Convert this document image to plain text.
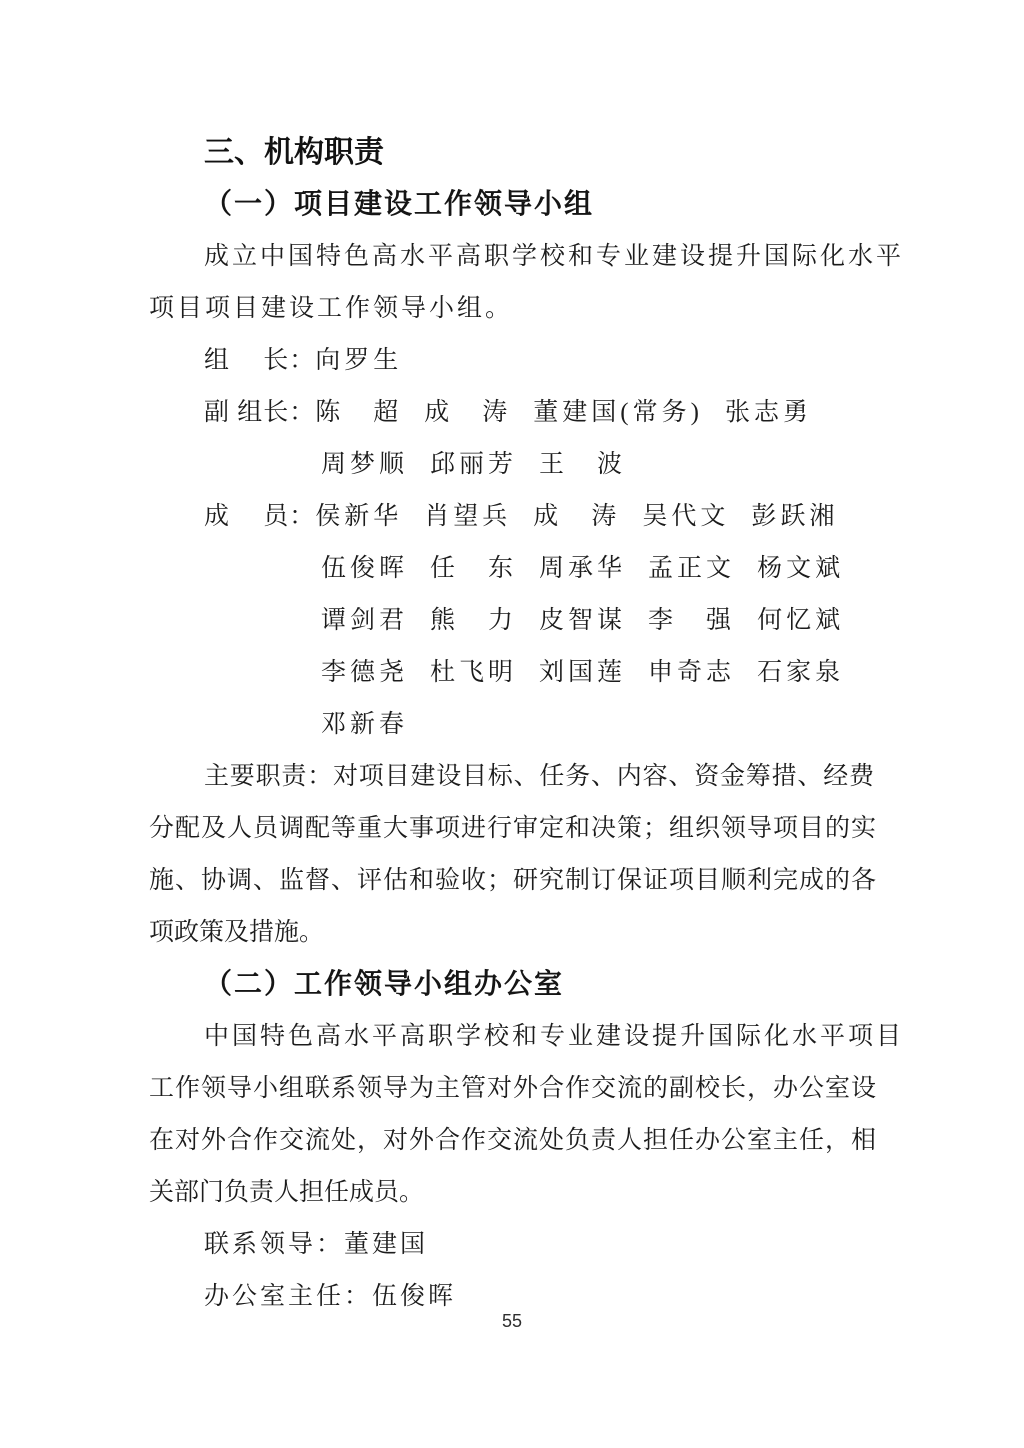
三、机构职责
（一）项目建设工作领导小组
成立中国特色高水平高职学校和专业建设提升国际化水平
项目项目建设工作领导小组。
组　 长： 向罗生
副 组长： 陈　超 成　涛 董建国(常务) 张志勇
周梦顺 邱丽芳 王　波
成　 员： 侯新华 肖望兵 成　涛 吴代文 彭跃湘
伍俊晖 任　东 周承华 孟正文 杨文斌
谭剑君 熊　力 皮智谋 李　强 何忆斌
李德尧 杜飞明 刘国莲 申奇志 石家泉
邓新春
主要职责：对项目建设目标、任务、内容、资金筹措、经费
分配及人员调配等重大事项进行审定和决策；组织领导项目的实
施、协调、监督、评估和验收；研究制订保证项目顺利完成的各
项政策及措施。
（二）工作领导小组办公室
中国特色高水平高职学校和专业建设提升国际化水平项目
工作领导小组联系领导为主管对外合作交流的副校长，办公室设
在对外合作交流处，对外合作交流处负责人担任办公室主任，相
关部门负责人担任成员。
联系领导：董建国
办公室主任：伍俊晖
55
